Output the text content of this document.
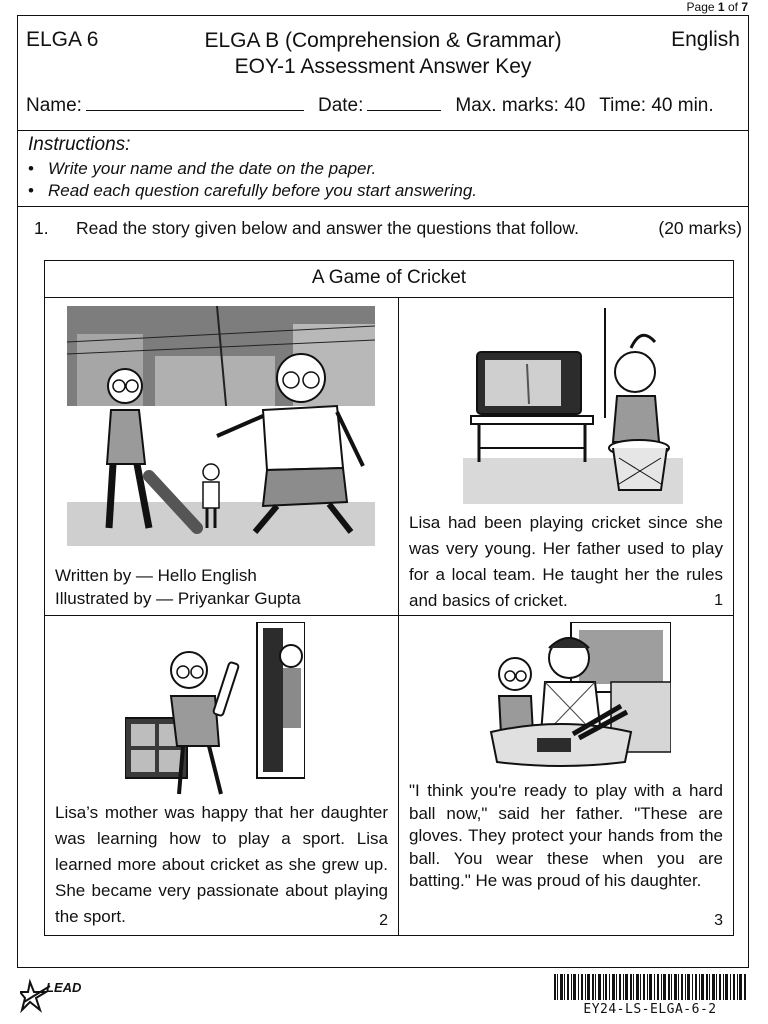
Page 1 of 7
ELGA 6	ELGA B (Comprehension & Grammar)
EOY-1 Assessment Answer Key
English
Name:	Date:	Max. marks: 40 Time: 40 min.
Instructions:
• Write your name and the date on the paper.
• Read each question carefully before you start answering.
1.	Read the story given below and answer the questions that follow.	(20 marks)
A Game of Cricket
Written by — Hello English
Illustrated by — Priyankar Gupta
Lisa had been playing cricket since she was very young. Her father used to play for a local team. He taught her the rules and basics of cricket.	1
Lisa’s mother was happy that her daughter was learning how to play a sport. Lisa learned more about cricket as she grew up. She became very passionate about playing the sport.	2
"I think you're ready to play with a hard ball now," said her father. "These are gloves. They protect your hands from the ball. You wear these when you are batting." He was proud of his daughter.
3
LEAD
EY24-LS-ELGA-6-2
